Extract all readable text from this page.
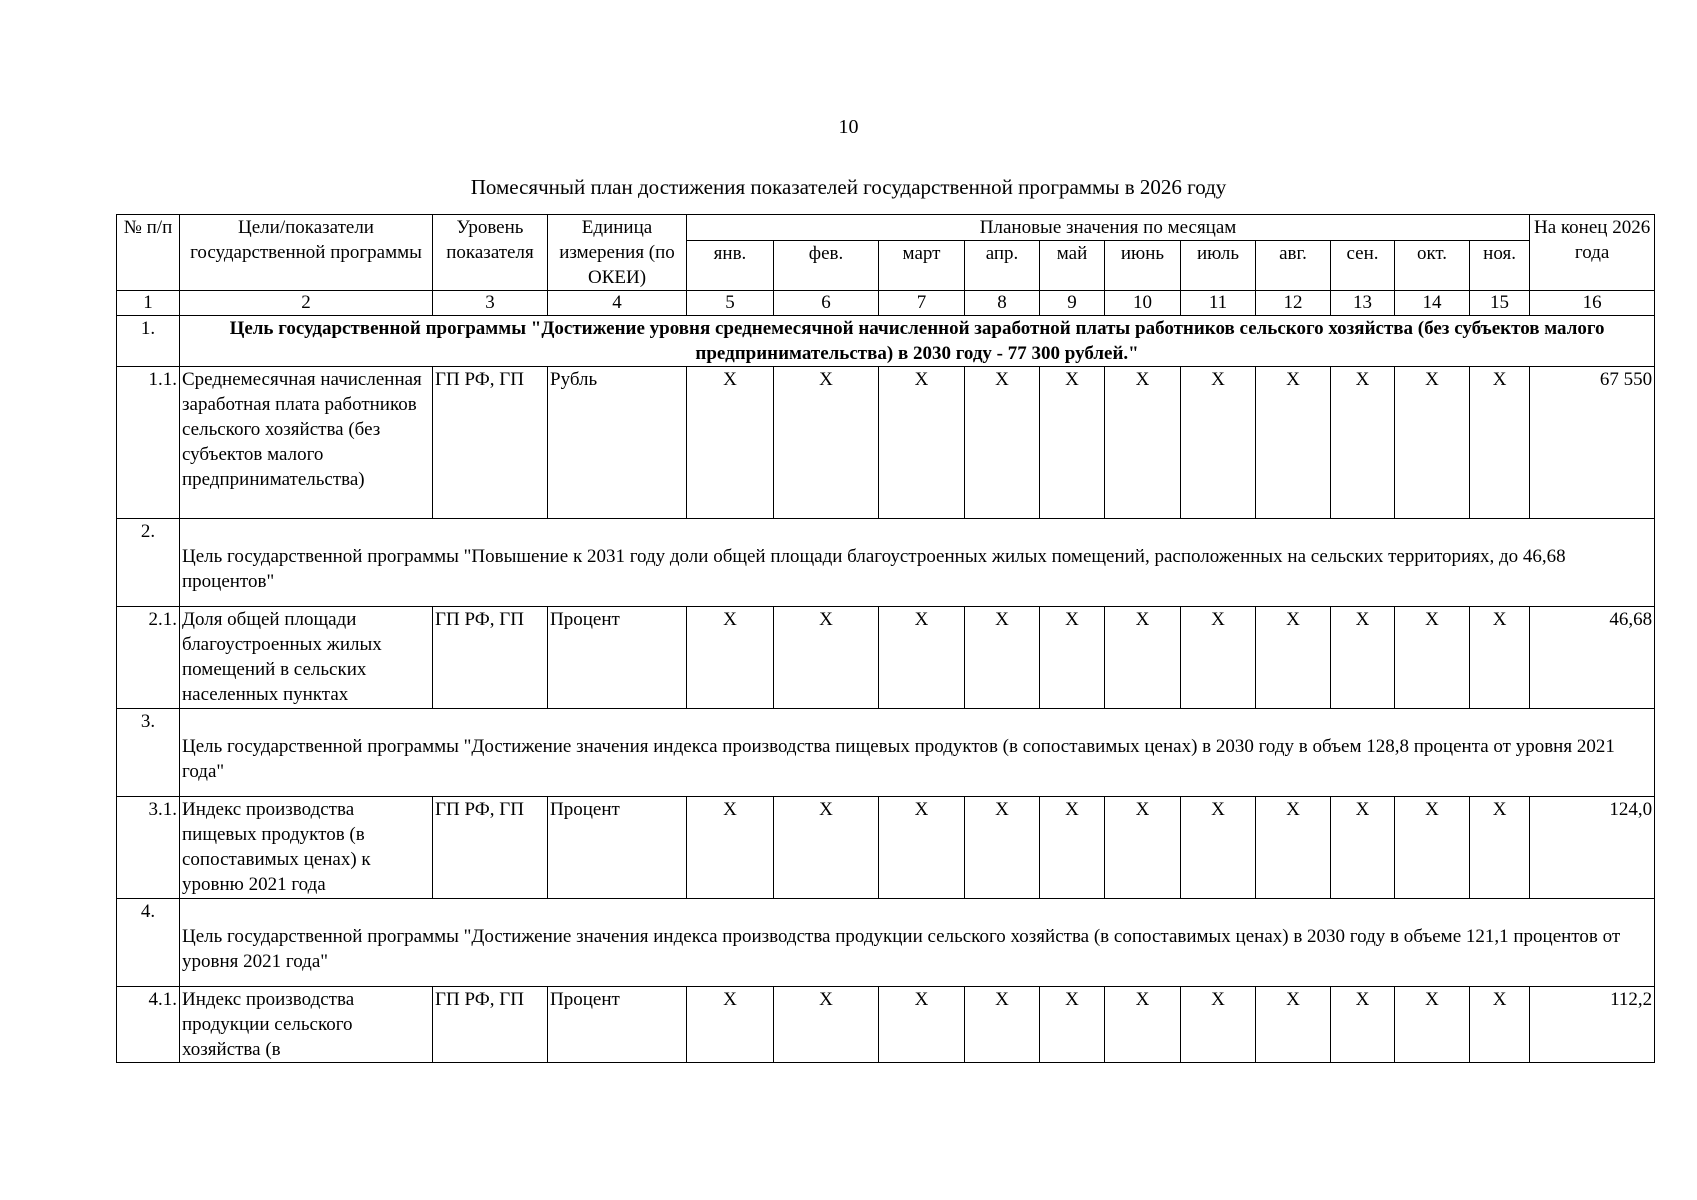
10
Помесячный план достижения показателей государственной программы в 2026 году
№ п/п	Цели/показатели государственной программы	Уровень показателя	Единица измерения (по ОКЕИ)	Плановые значения по месяцам											На конец 2026 года
				янв.	фев.	март	апр.	май	июнь	июль	авг.	сен.	окт.	ноя.	
1	2	3	4	5	6	7	8	9	10	11	12	13	14	15	16
1.	Цель государственной программы "Достижение уровня среднемесячной начисленной заработной платы работников сельского хозяйства (без субъектов малого предпринимательства) в 2030 году - 77 300 рублей."														
1.1.	Среднемесячная начисленная заработная плата работников сельского хозяйства (без субъектов малого предпринимательства)	ГП РФ, ГП	Рубль	X	X	X	X	X	X	X	X	X	X	X	67 550
2.	Цель государственной программы "Повышение к 2031 году доли общей площади благоустроенных жилых помещений, расположенных на сельских территориях, до 46,68 процентов"														

2.1.	Доля общей площади благоустроенных жилых помещений в сельских населенных пунктах	ГП РФ, ГП	Процент	X	X	X	X	X	X	X	X	X	X	X	46,68
3.	Цель государственной программы "Достижение значения индекса производства пищевых продуктов (в сопоставимых ценах) в 2030 году в объем 128,8 процента от уровня 2021 года"														

3.1.	Индекс производства пищевых продуктов (в сопоставимых ценах) к уровню 2021 года	ГП РФ, ГП	Процент	X	X	X	X	X	X	X	X	X	X	X	124,0
4.	Цель государственной программы "Достижение значения индекса производства продукции сельского хозяйства (в сопоставимых ценах) в 2030 году в объеме 121,1 процентов от уровня 2021 года"														

4.1.	Индекс производства продукции сельского хозяйства (в	ГП РФ, ГП	Процент	X	X	X	X	X	X	X	X	X	X	X	112,2
